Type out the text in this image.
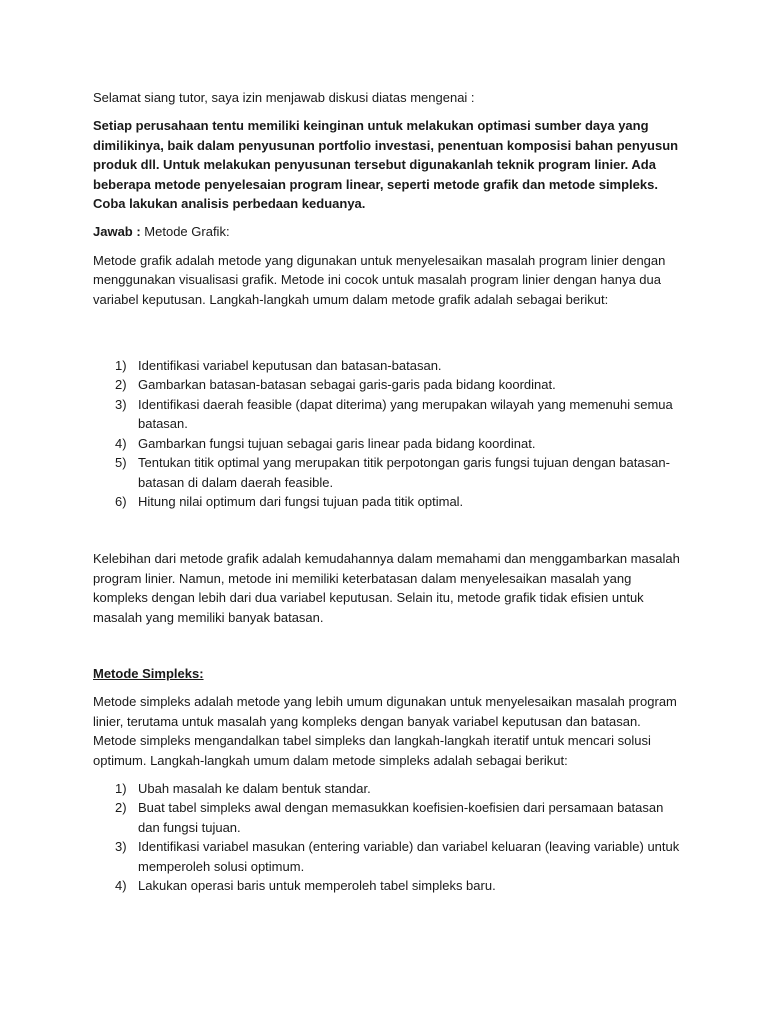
Selamat siang tutor, saya izin menjawab diskusi diatas mengenai :

Setiap perusahaan tentu memiliki keinginan untuk melakukan optimasi sumber daya yang dimilikinya, baik dalam penyusunan portfolio investasi, penentuan komposisi bahan penyusun produk dll. Untuk melakukan penyusunan tersebut digunakanlah teknik program linier. Ada beberapa metode penyelesaian program linear, seperti metode grafik dan metode simpleks. Coba lakukan analisis perbedaan keduanya.

Jawab : Metode Grafik:

Metode grafik adalah metode yang digunakan untuk menyelesaikan masalah program linier dengan menggunakan visualisasi grafik. Metode ini cocok untuk masalah program linier dengan hanya dua variabel keputusan. Langkah-langkah umum dalam metode grafik adalah sebagai berikut:

1) Identifikasi variabel keputusan dan batasan-batasan.
2) Gambarkan batasan-batasan sebagai garis-garis pada bidang koordinat.
3) Identifikasi daerah feasible (dapat diterima) yang merupakan wilayah yang memenuhi semua batasan.
4) Gambarkan fungsi tujuan sebagai garis linear pada bidang koordinat.
5) Tentukan titik optimal yang merupakan titik perpotongan garis fungsi tujuan dengan batasan-batasan di dalam daerah feasible.
6) Hitung nilai optimum dari fungsi tujuan pada titik optimal.

Kelebihan dari metode grafik adalah kemudahannya dalam memahami dan menggambarkan masalah program linier. Namun, metode ini memiliki keterbatasan dalam menyelesaikan masalah yang kompleks dengan lebih dari dua variabel keputusan. Selain itu, metode grafik tidak efisien untuk masalah yang memiliki banyak batasan.

Metode Simpleks:

Metode simpleks adalah metode yang lebih umum digunakan untuk menyelesaikan masalah program linier, terutama untuk masalah yang kompleks dengan banyak variabel keputusan dan batasan. Metode simpleks mengandalkan tabel simpleks dan langkah-langkah iteratif untuk mencari solusi optimum. Langkah-langkah umum dalam metode simpleks adalah sebagai berikut:

1) Ubah masalah ke dalam bentuk standar.
2) Buat tabel simpleks awal dengan memasukkan koefisien-koefisien dari persamaan batasan dan fungsi tujuan.
3) Identifikasi variabel masukan (entering variable) dan variabel keluaran (leaving variable) untuk memperoleh solusi optimum.
4) Lakukan operasi baris untuk memperoleh tabel simpleks baru.
